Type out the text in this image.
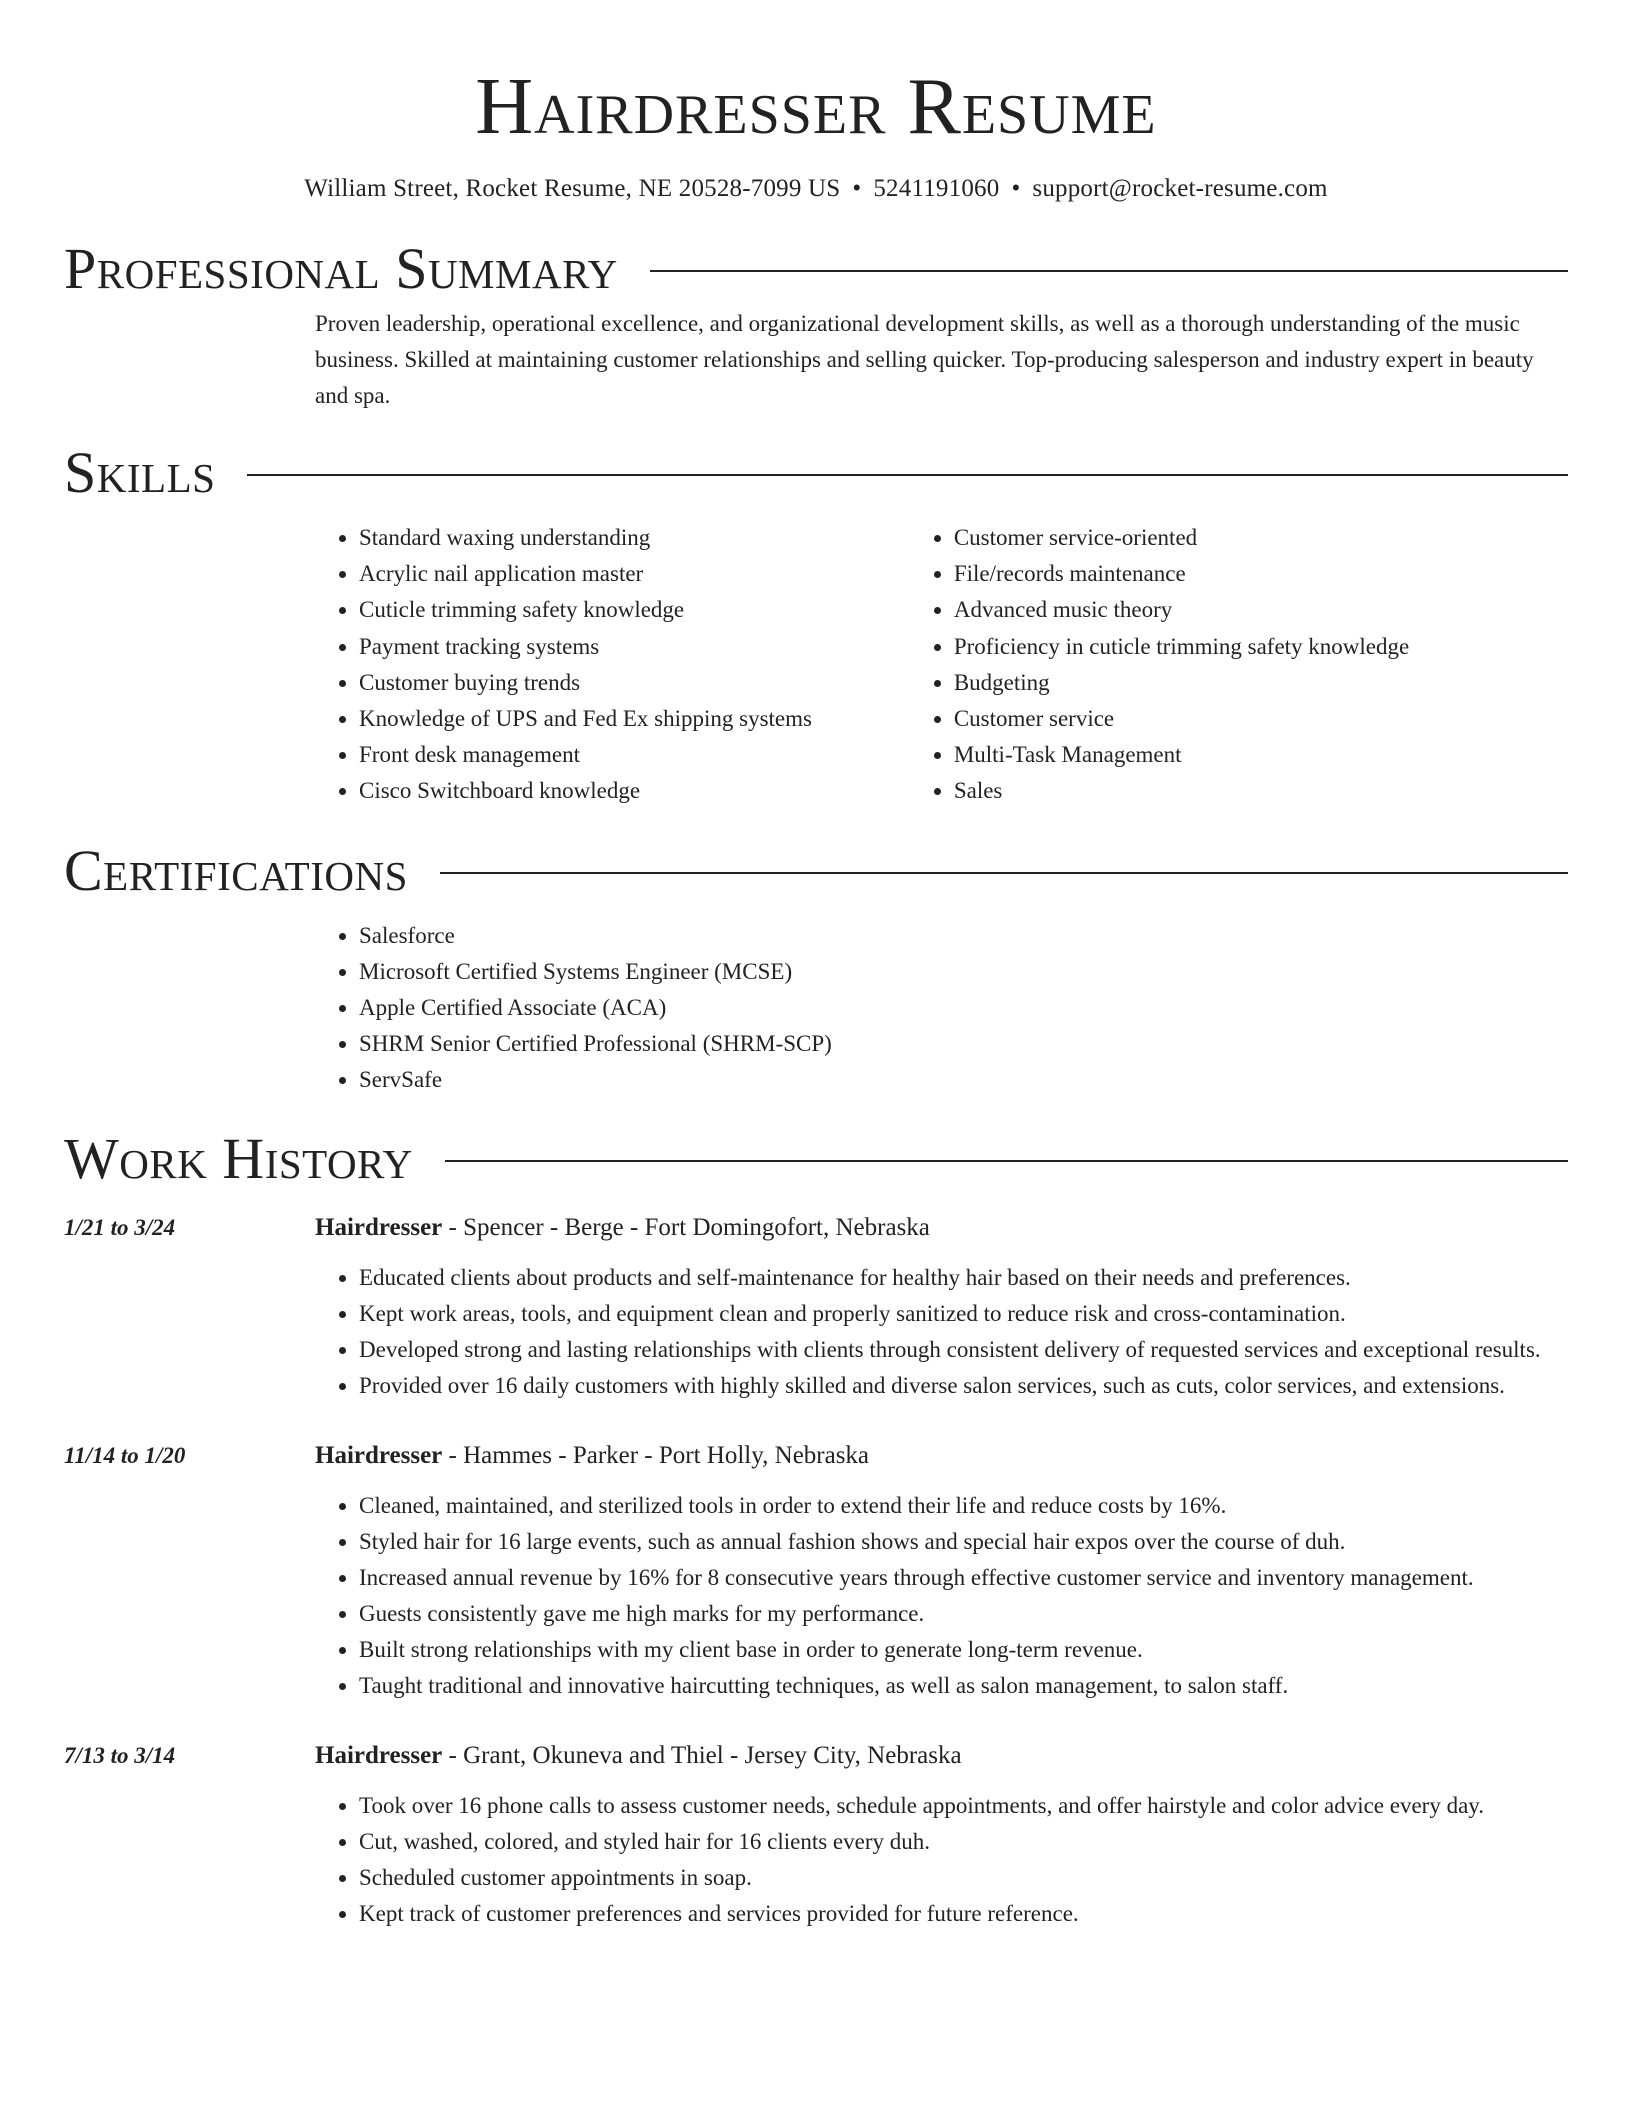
Hairdresser Resume
William Street, Rocket Resume, NE 20528-7099 US • 5241191060 • support@rocket-resume.com
Professional Summary

Proven leadership, operational excellence, and organizational development skills, as well as a thorough understanding of the music business. Skilled at maintaining customer relationships and selling quicker. Top-producing salesperson and industry expert in beauty and spa.

Skills
• Standard waxing understanding
• Acrylic nail application master
• Cuticle trimming safety knowledge
• Payment tracking systems
• Customer buying trends
• Knowledge of UPS and Fed Ex shipping systems
• Front desk management
• Cisco Switchboard knowledge
• Customer service-oriented
• File/records maintenance
• Advanced music theory
• Proficiency in cuticle trimming safety knowledge
• Budgeting
• Customer service
• Multi-Task Management
• Sales
Certifications
• Salesforce
• Microsoft Certified Systems Engineer (MCSE)
• Apple Certified Associate (ACA)
• SHRM Senior Certified Professional (SHRM-SCP)
• ServSafe
Work History
1/21 to 3/24	Hairdresser - Spencer - Berge - Fort Domingofort, Nebraska
• Educated clients about products and self-maintenance for healthy hair based on their needs and preferences.
• Kept work areas, tools, and equipment clean and properly sanitized to reduce risk and cross-contamination.
• Developed strong and lasting relationships with clients through consistent delivery of requested services and exceptional results.
• Provided over 16 daily customers with highly skilled and diverse salon services, such as cuts, color services, and extensions.
11/14 to 1/20	Hairdresser - Hammes - Parker - Port Holly, Nebraska
• Cleaned, maintained, and sterilized tools in order to extend their life and reduce costs by 16%.
• Styled hair for 16 large events, such as annual fashion shows and special hair expos over the course of duh.
• Increased annual revenue by 16% for 8 consecutive years through effective customer service and inventory management.
• Guests consistently gave me high marks for my performance.
• Built strong relationships with my client base in order to generate long-term revenue.
• Taught traditional and innovative haircutting techniques, as well as salon management, to salon staff.
7/13 to 3/14	Hairdresser - Grant, Okuneva and Thiel - Jersey City, Nebraska
• Took over 16 phone calls to assess customer needs, schedule appointments, and offer hairstyle and color advice every day.
• Cut, washed, colored, and styled hair for 16 clients every duh.
• Scheduled customer appointments in soap.
• Kept track of customer preferences and services provided for future reference.
